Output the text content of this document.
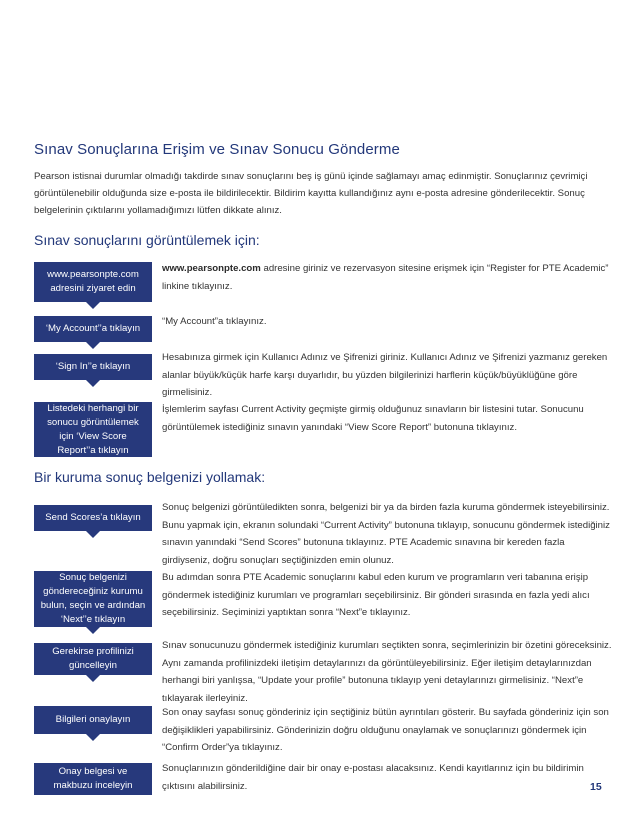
Sınav Sonuçlarına Erişim ve Sınav Sonucu Gönderme
Pearson istisnai durumlar olmadığı takdirde sınav sonuçlarını beş iş günü içinde sağlamayı amaç edinmiştir. Sonuçlarınız çevrimiçi görüntülenebilir olduğunda size e-posta ile bildirilecektir. Bildirim kayıtta kullandığınız aynı e-posta adresine gönderilecektir. Sonuç belgelerinin çıktılarını yollamadığımızı lütfen dikkate alınız.
Sınav sonuçlarını görüntülemek için:
www.pearsonpte.com adresini ziyaret edin
www.pearsonpte.com adresine giriniz ve rezervasyon sitesine erişmek için “Register for PTE Academic” linkine tıklayınız.
‘My Account’’a tıklayın
“My Account”a tıklayınız.
‘Sign In’’e tıklayın
Hesabınıza girmek için Kullanıcı Adınız ve Şifrenizi giriniz. Kullanıcı Adınız ve Şifrenizi yazmanız gereken alanlar büyük/küçük harfe karşı duyarlıdır, bu yüzden bilgilerinizi harflerin küçük/büyüklüğüne göre girmelisiniz.
Listedeki herhangi bir sonucu görüntülemek için ‘View Score Report’’a tıklayın
İşlemlerim sayfası Current Activity geçmişte girmiş olduğunuz sınavların bir listesini tutar. Sonucunu görüntülemek istediğiniz sınavın yanındaki “View Score Report” butonuna tıklayınız.
Bir kuruma sonuç belgenizi yollamak:
Send Scores’a tıklayın
Sonuç belgenizi görüntüledikten sonra, belgenizi bir ya da birden fazla kuruma göndermek isteyebilirsiniz. Bunu yapmak için, ekranın solundaki “Current Activity” butonuna tıklayıp, sonucunu göndermek istediğiniz sınavın yanındaki “Send Scores” butonuna tıklayınız. PTE Academic sınavına bir kereden fazla girdiyseniz, doğru sonuçları seçtiğinizden emin olunuz.
Sonuç belgenizi göndereceğiniz kurumu bulun, seçin ve ardından ‘Next’’e tıklayın
Bu adımdan sonra PTE Academic sonuçlarını kabul eden kurum ve programların veri tabanına erişip göndermek istediğiniz kurumları ve programları seçebilirsiniz. Bir gönderi sırasında en fazla yedi alıcı seçebilirsiniz. Seçiminizi yaptıktan sonra “Next”e tıklayınız.
Gerekirse profilinizi güncelleyin
Sınav sonucunuzu göndermek istediğiniz kurumları seçtikten sonra, seçimlerinizin bir özetini göreceksiniz. Aynı zamanda profilinizdeki iletişim detaylarınızı da görüntüleyebilirsiniz. Eğer iletişim detaylarınızdan herhangi biri yanlışsa, “Update your profile” butonuna tıklayıp yeni detaylarınızı girmelisiniz. “Next”e tıklayarak ilerleyiniz.
Bilgileri onaylayın
Son onay sayfası sonuç gönderiniz için seçtiğiniz bütün ayrıntıları gösterir. Bu sayfada gönderiniz için son değişiklikleri yapabilirsiniz. Gönderinizin doğru olduğunu onaylamak ve sonuçlarınızı göndermek için “Confirm Order”ya tıklayınız.
Onay belgesi ve makbuzu inceleyin
Sonuçlarınızın gönderildiğine dair bir onay e-postası alacaksınız. Kendi kayıtlarınız için bu bildirimin çıktısını alabilirsiniz.	15
